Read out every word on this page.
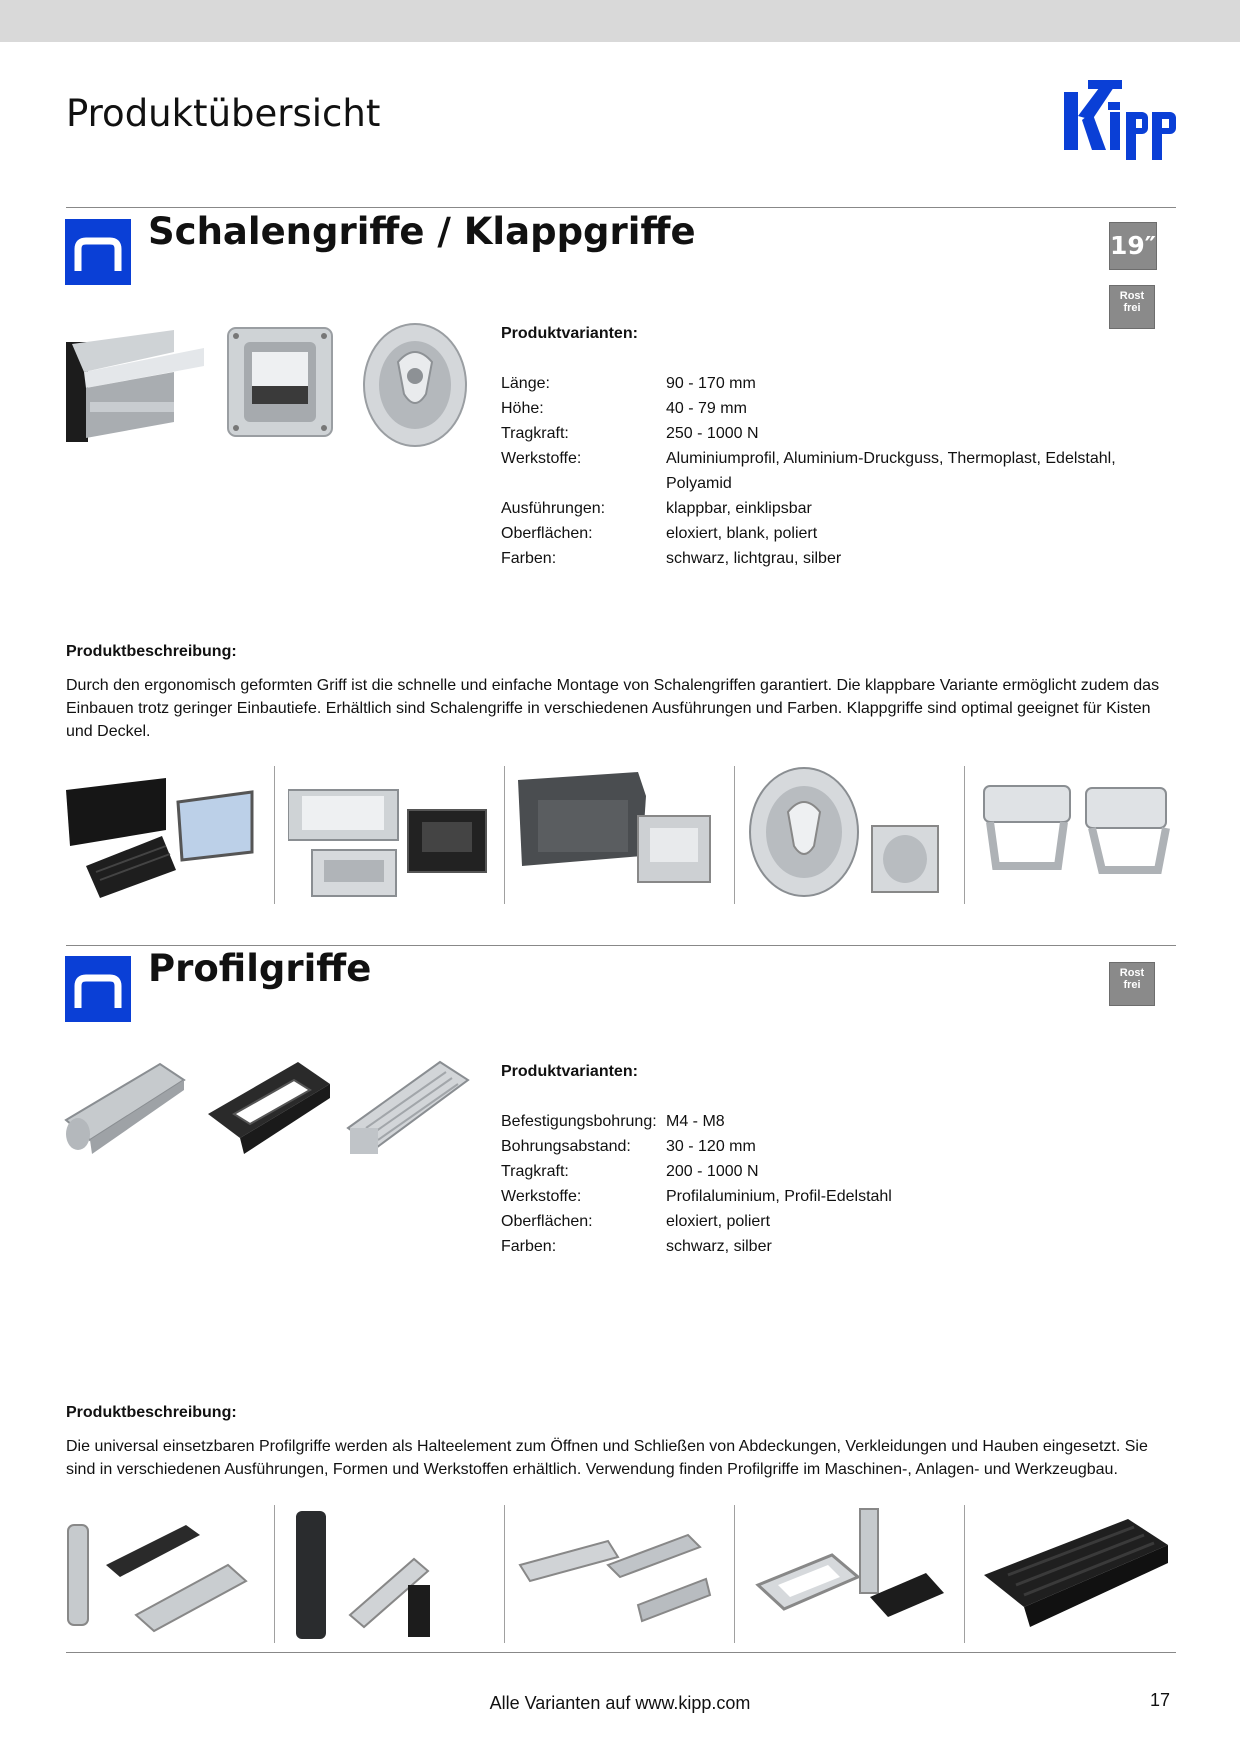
Produktübersicht
Schalengriffe / Klappgriffe	19″
Rost
frei
Produktvarianten:
Länge:	90 - 170 mm
Höhe:	40 - 79 mm
Tragkraft:	250 - 1000 N
Werkstoffe:	Aluminiumprofil, Aluminium-Druckguss, Thermoplast, Edelstahl, Polyamid
Ausführungen:	klappbar, einklipsbar
Oberflächen:	eloxiert, blank, poliert
Farben:	schwarz, lichtgrau, silber
Produktbeschreibung:

Durch den ergonomisch geformten Griff ist die schnelle und einfache Montage von Schalengriffen garantiert. Die klappbare Variante ermöglicht zudem das Einbauen trotz geringer Einbautiefe. Erhältlich sind Schalengriffe in verschiedenen Ausführungen und Farben. Klappgriffe sind optimal geeignet für Kisten und Deckel.

Profilgriffe	Rost
frei
Produktvarianten:
Befestigungsbohrung: M4 - M8
Bohrungsabstand:	30 - 120 mm
Tragkraft:	200 - 1000 N
Werkstoffe:	Profilaluminium, Profil-Edelstahl
Oberflächen:	eloxiert, poliert
Farben:	schwarz, silber
Produktbeschreibung:

Die universal einsetzbaren Profilgriffe werden als Halteelement zum Öffnen und Schließen von Abdeckungen, Verkleidungen und Hauben eingesetzt. Sie sind in verschiedenen Ausführungen, Formen und Werkstoffen erhältlich. Verwendung finden Profilgriffe im Maschinen-, Anlagen- und Werkzeugbau.

Alle Varianten auf www.kipp.com	17
